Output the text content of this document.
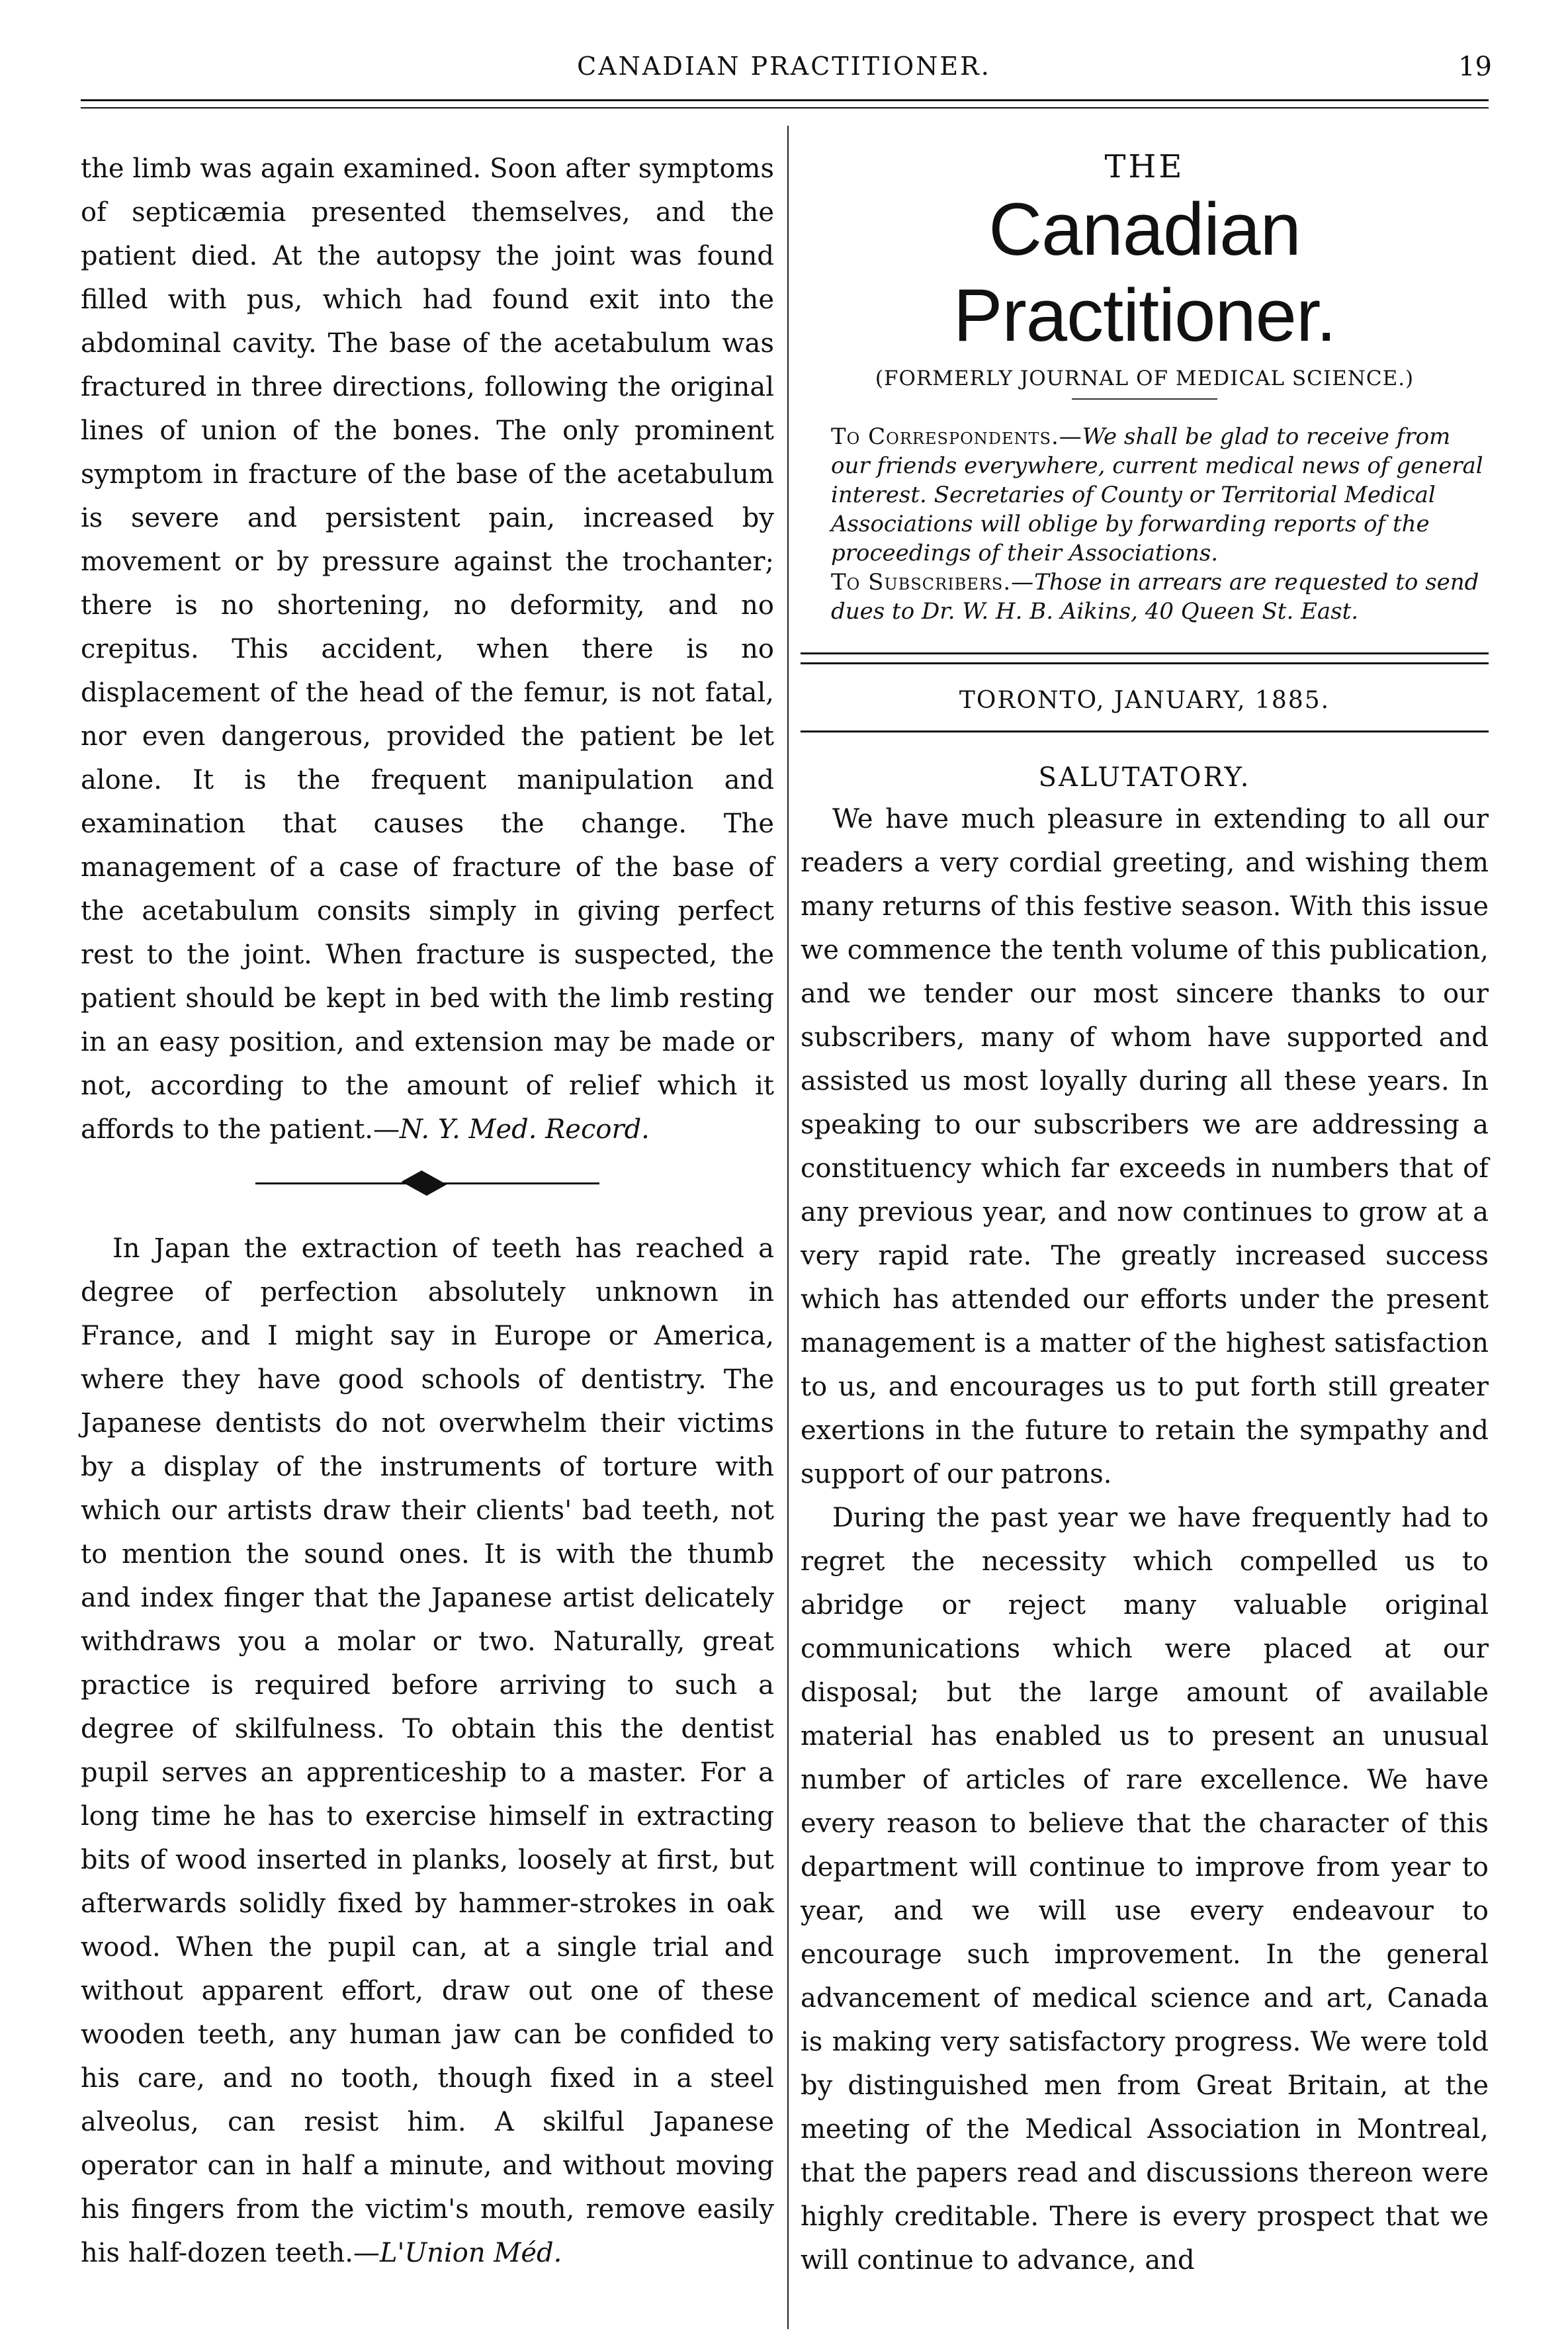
CANADIAN PRACTITIONER.	19

the limb was again examined. Soon after symptoms of septicæmia presented themselves, and the patient died. At the autopsy the joint was found filled with pus, which had found exit into the abdominal cavity. The base of the acetabulum was fractured in three directions, following the original lines of union of the bones. The only prominent symptom in fracture of the base of the acetabulum is severe and persistent pain, increased by movement or by pressure against the trochanter; there is no shortening, no deformity, and no crepitus. This accident, when there is no displacement of the head of the femur, is not fatal, nor even dangerous, provided the patient be let alone. It is the frequent manipulation and examination that causes the change. The management of a case of fracture of the base of the acetabulum consits simply in giving perfect rest to the joint. When fracture is suspected, the patient should be kept in bed with the limb resting in an easy position, and extension may be made or not, according to the amount of relief which it affords to the patient.—N. Y. Med. Record.

In Japan the extraction of teeth has reached a degree of perfection absolutely unknown in France, and I might say in Europe or America, where they have good schools of dentistry. The Japanese dentists do not overwhelm their victims by a display of the instruments of torture with which our artists draw their clients' bad teeth, not to mention the sound ones. It is with the thumb and index finger that the Japanese artist delicately withdraws you a molar or two. Naturally, great practice is required before arriving to such a degree of skilfulness. To obtain this the dentist pupil serves an apprenticeship to a master. For a long time he has to exercise himself in extracting bits of wood inserted in planks, loosely at first, but afterwards solidly fixed by hammer-strokes in oak wood. When the pupil can, at a single trial and without apparent effort, draw out one of these wooden teeth, any human jaw can be confided to his care, and no tooth, though fixed in a steel alveolus, can resist him. A skilful Japanese operator can in half a minute, and without moving his fingers from the victim's mouth, remove easily his half-dozen teeth.—L'Union Méd.

THE

Canadian Practitioner.

(FORMERLY JOURNAL OF MEDICAL SCIENCE.)

To Correspondents.—We shall be glad to receive from our friends everywhere, current medical news of general interest. Secretaries of County or Territorial Medical Associations will oblige by forwarding reports of the proceedings of their Associations.

To Subscribers.—Those in arrears are requested to send dues to Dr. W. H. B. Aikins, 40 Queen St. East.

TORONTO, JANUARY, 1885.

SALUTATORY.

We have much pleasure in extending to all our readers a very cordial greeting, and wishing them many returns of this festive season. With this issue we commence the tenth volume of this publication, and we tender our most sincere thanks to our subscribers, many of whom have supported and assisted us most loyally during all these years. In speaking to our subscribers we are addressing a constituency which far exceeds in numbers that of any previous year, and now continues to grow at a very rapid rate. The greatly increased success which has attended our efforts under the present management is a matter of the highest satisfaction to us, and encourages us to put forth still greater exertions in the future to retain the sympathy and support of our patrons.

During the past year we have frequently had to regret the necessity which compelled us to abridge or reject many valuable original communications which were placed at our disposal; but the large amount of available material has enabled us to present an unusual number of articles of rare excellence. We have every reason to believe that the character of this department will continue to improve from year to year, and we will use every endeavour to encourage such improvement. In the general advancement of medical science and art, Canada is making very satisfactory progress. We were told by distinguished men from Great Britain, at the meeting of the Medical Association in Montreal, that the papers read and discussions thereon were highly creditable. There is every prospect that we will continue to advance, and
